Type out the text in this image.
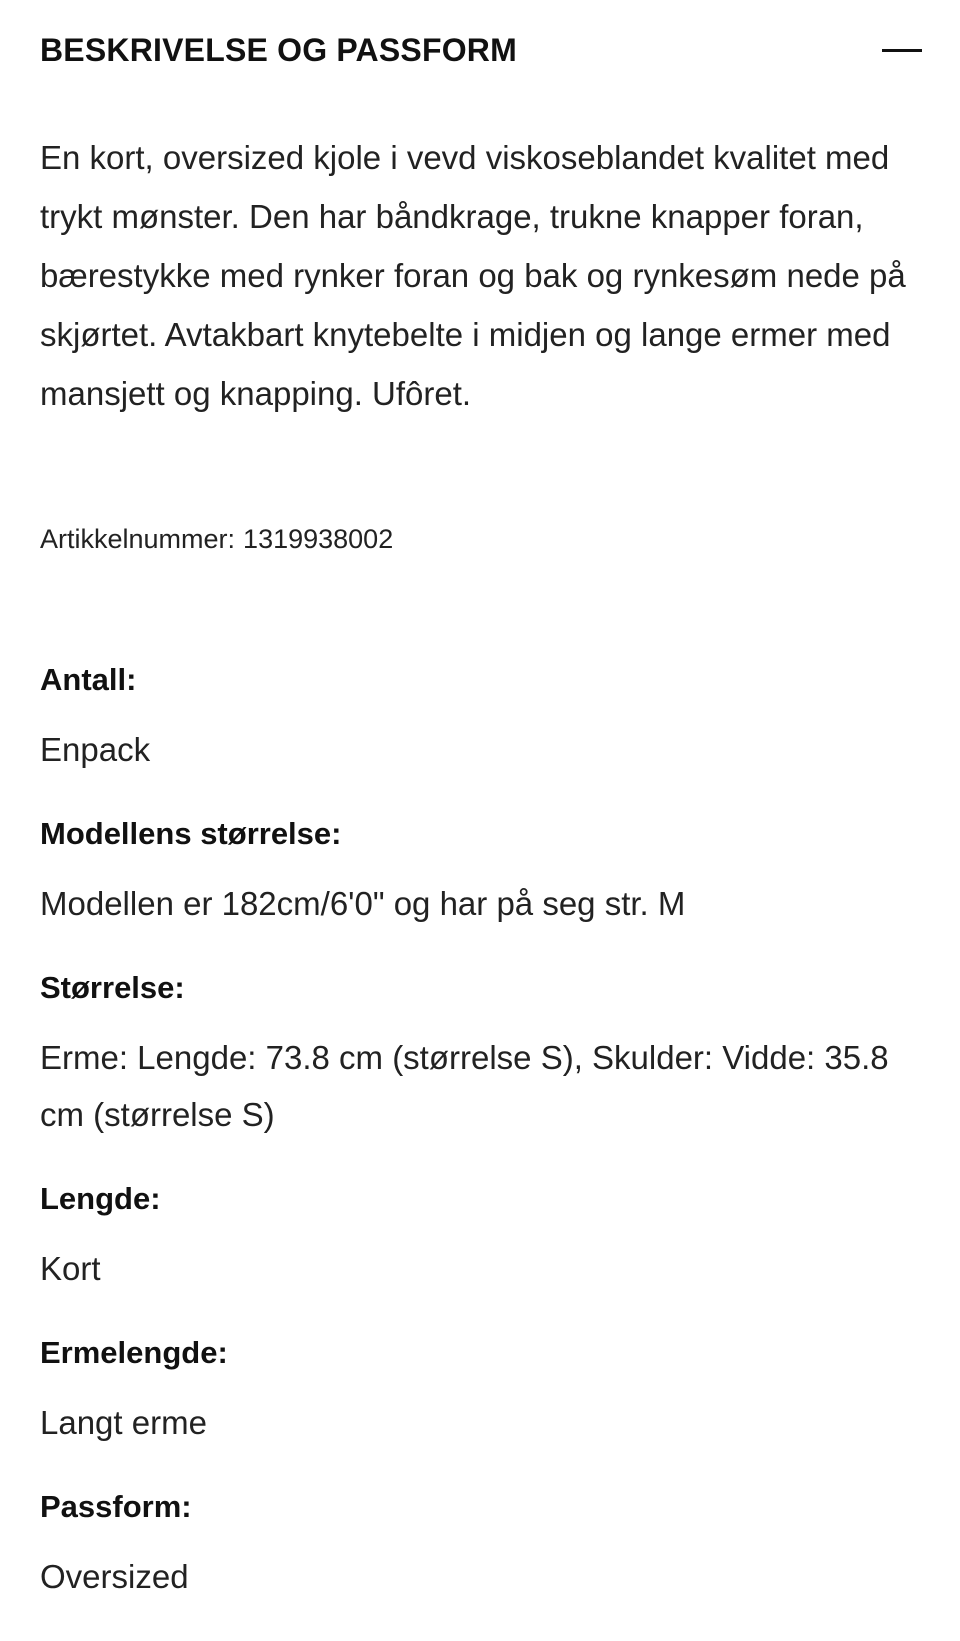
BESKRIVELSE OG PASSFORM

En kort, oversized kjole i vevd viskoseblandet kvalitet med trykt mønster. Den har båndkrage, trukne knapper foran, bærestykke med rynker foran og bak og rynkesøm nede på skjørtet. Avtakbart knytebelte i midjen og lange ermer med mansjett og knapping. Ufôret.

Artikkelnummer: 1319938002

Antall:

Enpack

Modellens størrelse:

Modellen er 182cm/6'0" og har på seg str. M

Størrelse:

Erme: Lengde: 73.8 cm (størrelse S), Skulder: Vidde: 35.8 cm (størrelse S)

Lengde:

Kort

Ermelengde:

Langt erme

Passform:

Oversized
